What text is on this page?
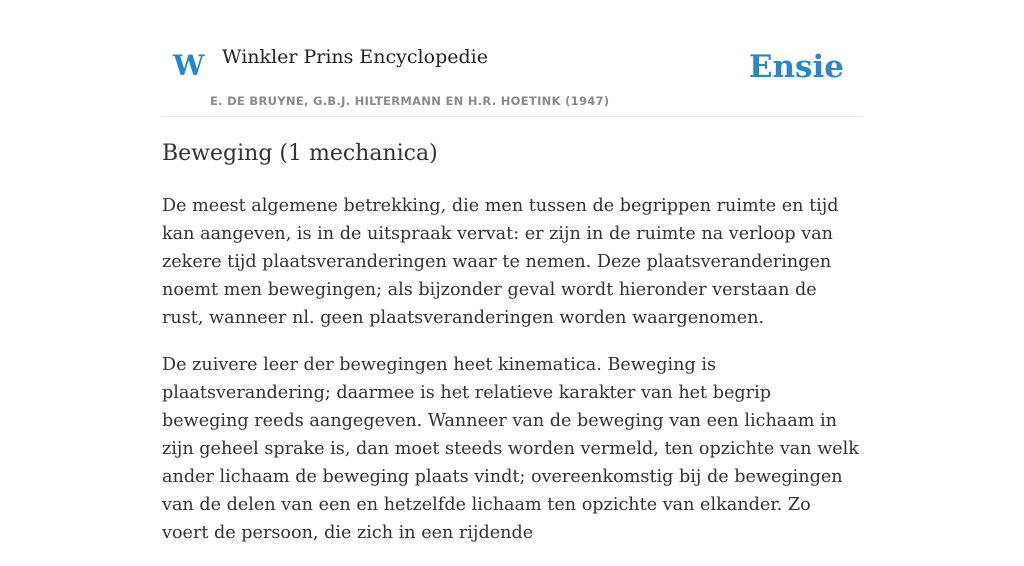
W Winkler Prins Encyclopedie
E. DE BRUYNE, G.B.J. HILTERMANN EN H.R. HOETINK (1947)
Ensie
Beweging (1 mechanica)

De meest algemene betrekking, die men tussen de begrippen ruimte en tijd kan aangeven, is in de uitspraak vervat: er zijn in de ruimte na verloop van zekere tijd plaatsveranderingen waar te nemen. Deze plaatsveranderingen noemt men bewegingen; als bijzonder geval wordt hieronder verstaan de rust, wanneer nl. geen plaatsveranderingen worden waargenomen.

De zuivere leer der bewegingen heet kinematica. Beweging is plaatsverandering; daarmee is het relatieve karakter van het begrip beweging reeds aangegeven. Wanneer van de beweging van een lichaam in zijn geheel sprake is, dan moet steeds worden vermeld, ten opzichte van welk ander lichaam de beweging plaats vindt; overeenkomstig bij de bewegingen van de delen van een en hetzelfde lichaam ten opzichte van elkander. Zo voert de persoon, die zich in een rijdende
